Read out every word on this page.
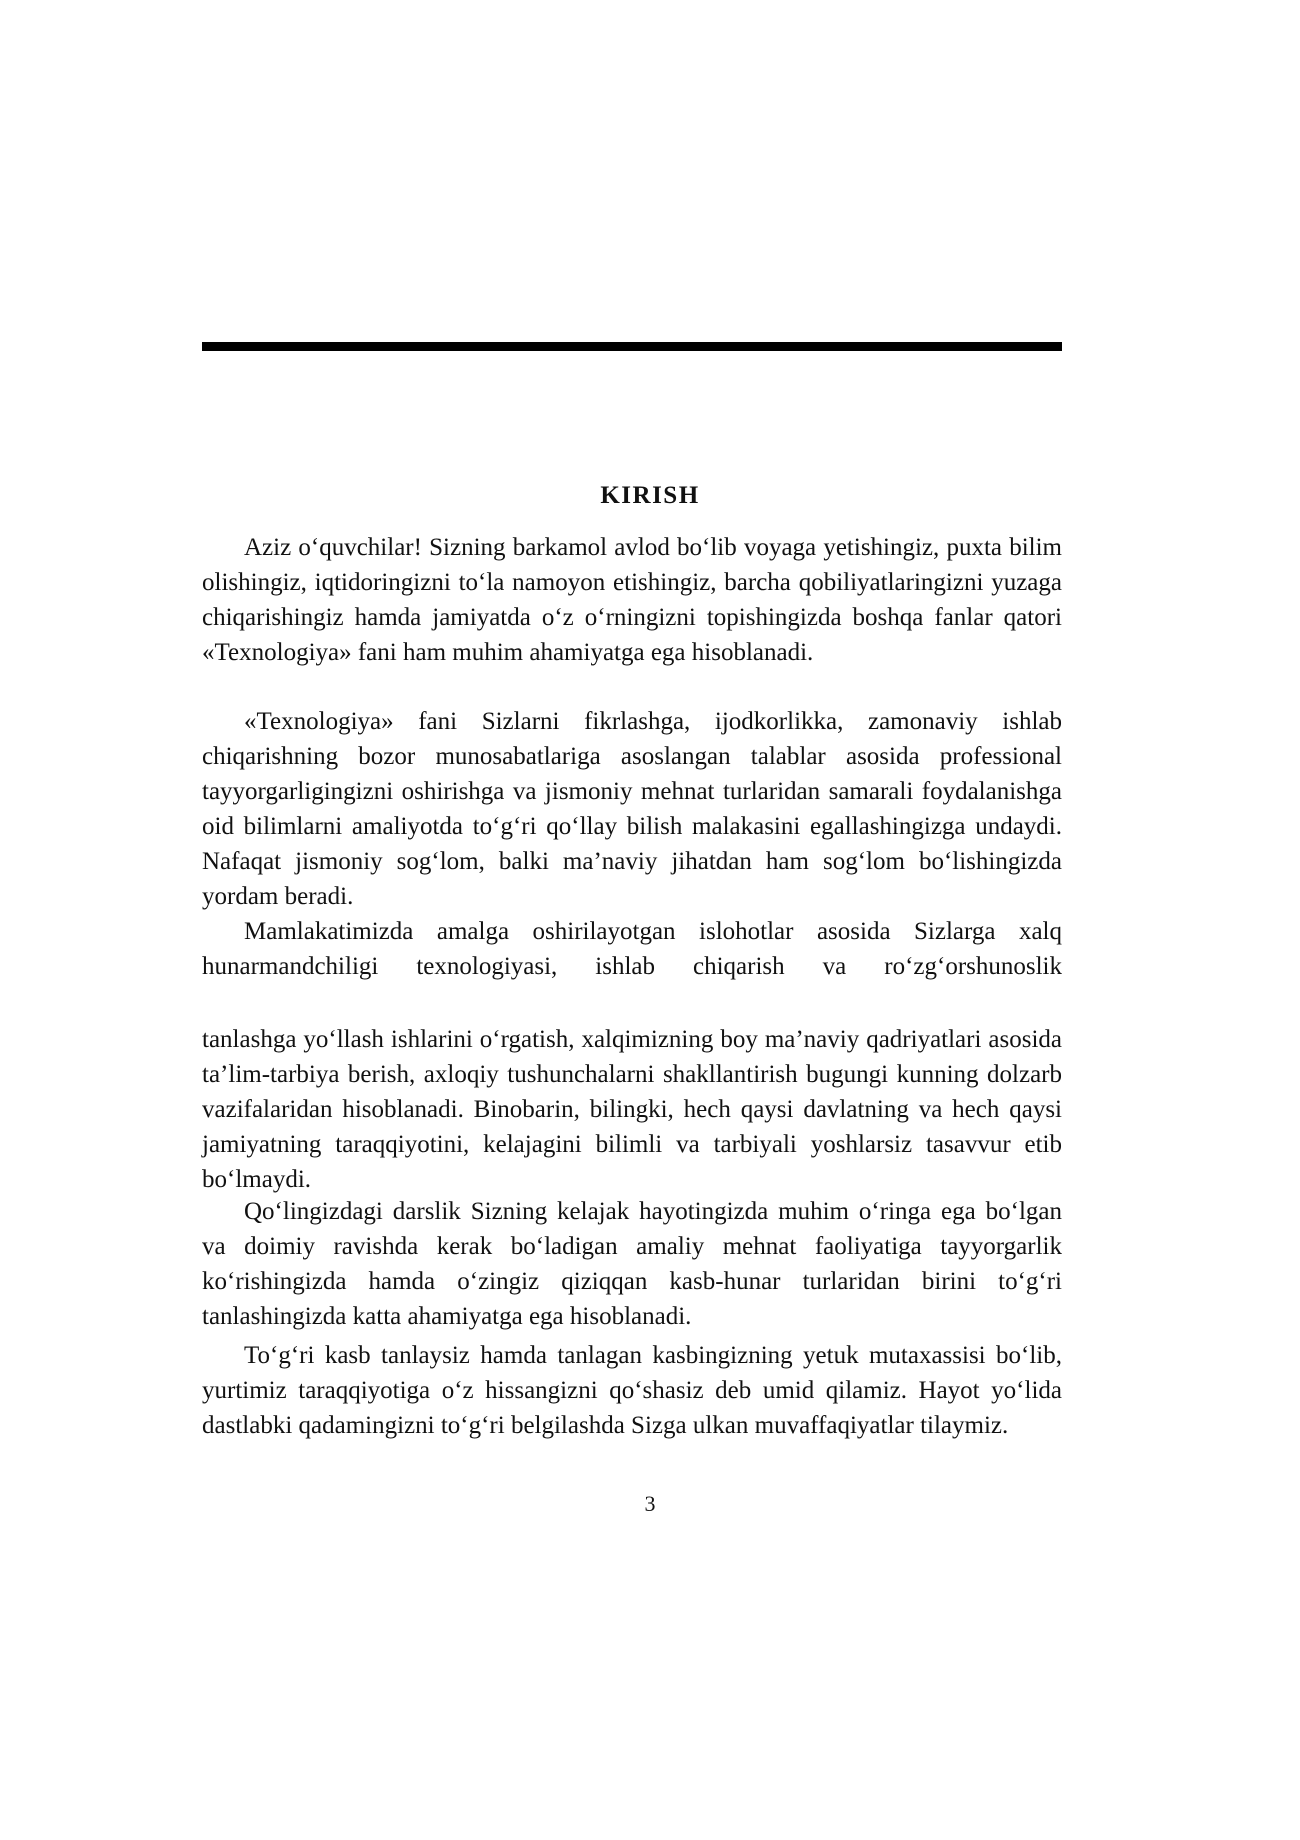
KIRISH

Aziz o‘quvchilar! Sizning barkamol avlod bo‘lib voyaga yetishingiz, puxta bilim olishingiz, iqtidoringizni to‘la namoyon etishingiz, barcha qobiliyatlaringizni yuzaga chiqarishingiz hamda jamiyatda o‘z o‘rningizni topishingizda boshqa fanlar qatori «Texnologiya» fani ham muhim ahamiyatga ega hisoblanadi.

«Texnologiya» fani Sizlarni fikrlashga, ijodkorlikka, zamonaviy ishlab chiqarishning bozor munosabatlariga asoslangan talablar asosida professional tayyorgarligingizni oshirishga va jismoniy mehnat turlaridan samarali foydalanishga oid bilimlarni amaliyotda to‘g‘ri qo‘llay bilish malakasini egallashingizga undaydi. Nafaqat jismoniy sog‘lom, balki ma’naviy jihatdan ham sog‘lom bo‘lishingizda yordam beradi.

Mamlakatimizda amalga oshirilayotgan islohotlar asosida Sizlarga xalq hunarmandchiligi texnologiyasi, ishlab chiqarish va ro‘zg‘orshunoslik

tanlashga yo‘llash ishlarini o‘rgatish, xalqimizning boy ma’naviy qadriyatlari asosida ta’lim-tarbiya berish, axloqiy tushunchalarni shakllantirish bugungi kunning dolzarb vazifalaridan hisoblanadi. Binobarin, bilingki, hech qaysi davlatning va hech qaysi jamiyatning taraqqiyotini, kelajagini bilimli va tarbiyali yoshlarsiz tasavvur etib bo‘lmaydi.

Qo‘lingizdagi darslik Sizning kelajak hayotingizda muhim o‘ringa ega bo‘lgan va doimiy ravishda kerak bo‘ladigan amaliy mehnat faoliyatiga tayyorgarlik ko‘rishingizda hamda o‘zingiz qiziqqan kasb-hunar turlaridan birini to‘g‘ri tanlashingizda katta ahamiyatga ega hisoblanadi.

To‘g‘ri kasb tanlaysiz hamda tanlagan kasbingizning yetuk mutaxassisi bo‘lib, yurtimiz taraqqiyotiga o‘z hissangizni qo‘shasiz deb umid qilamiz. Hayot yo‘lida dastlabki qadamingizni to‘g‘ri belgilashda Sizga ulkan muvaffaqiyatlar tilaymiz.

3
